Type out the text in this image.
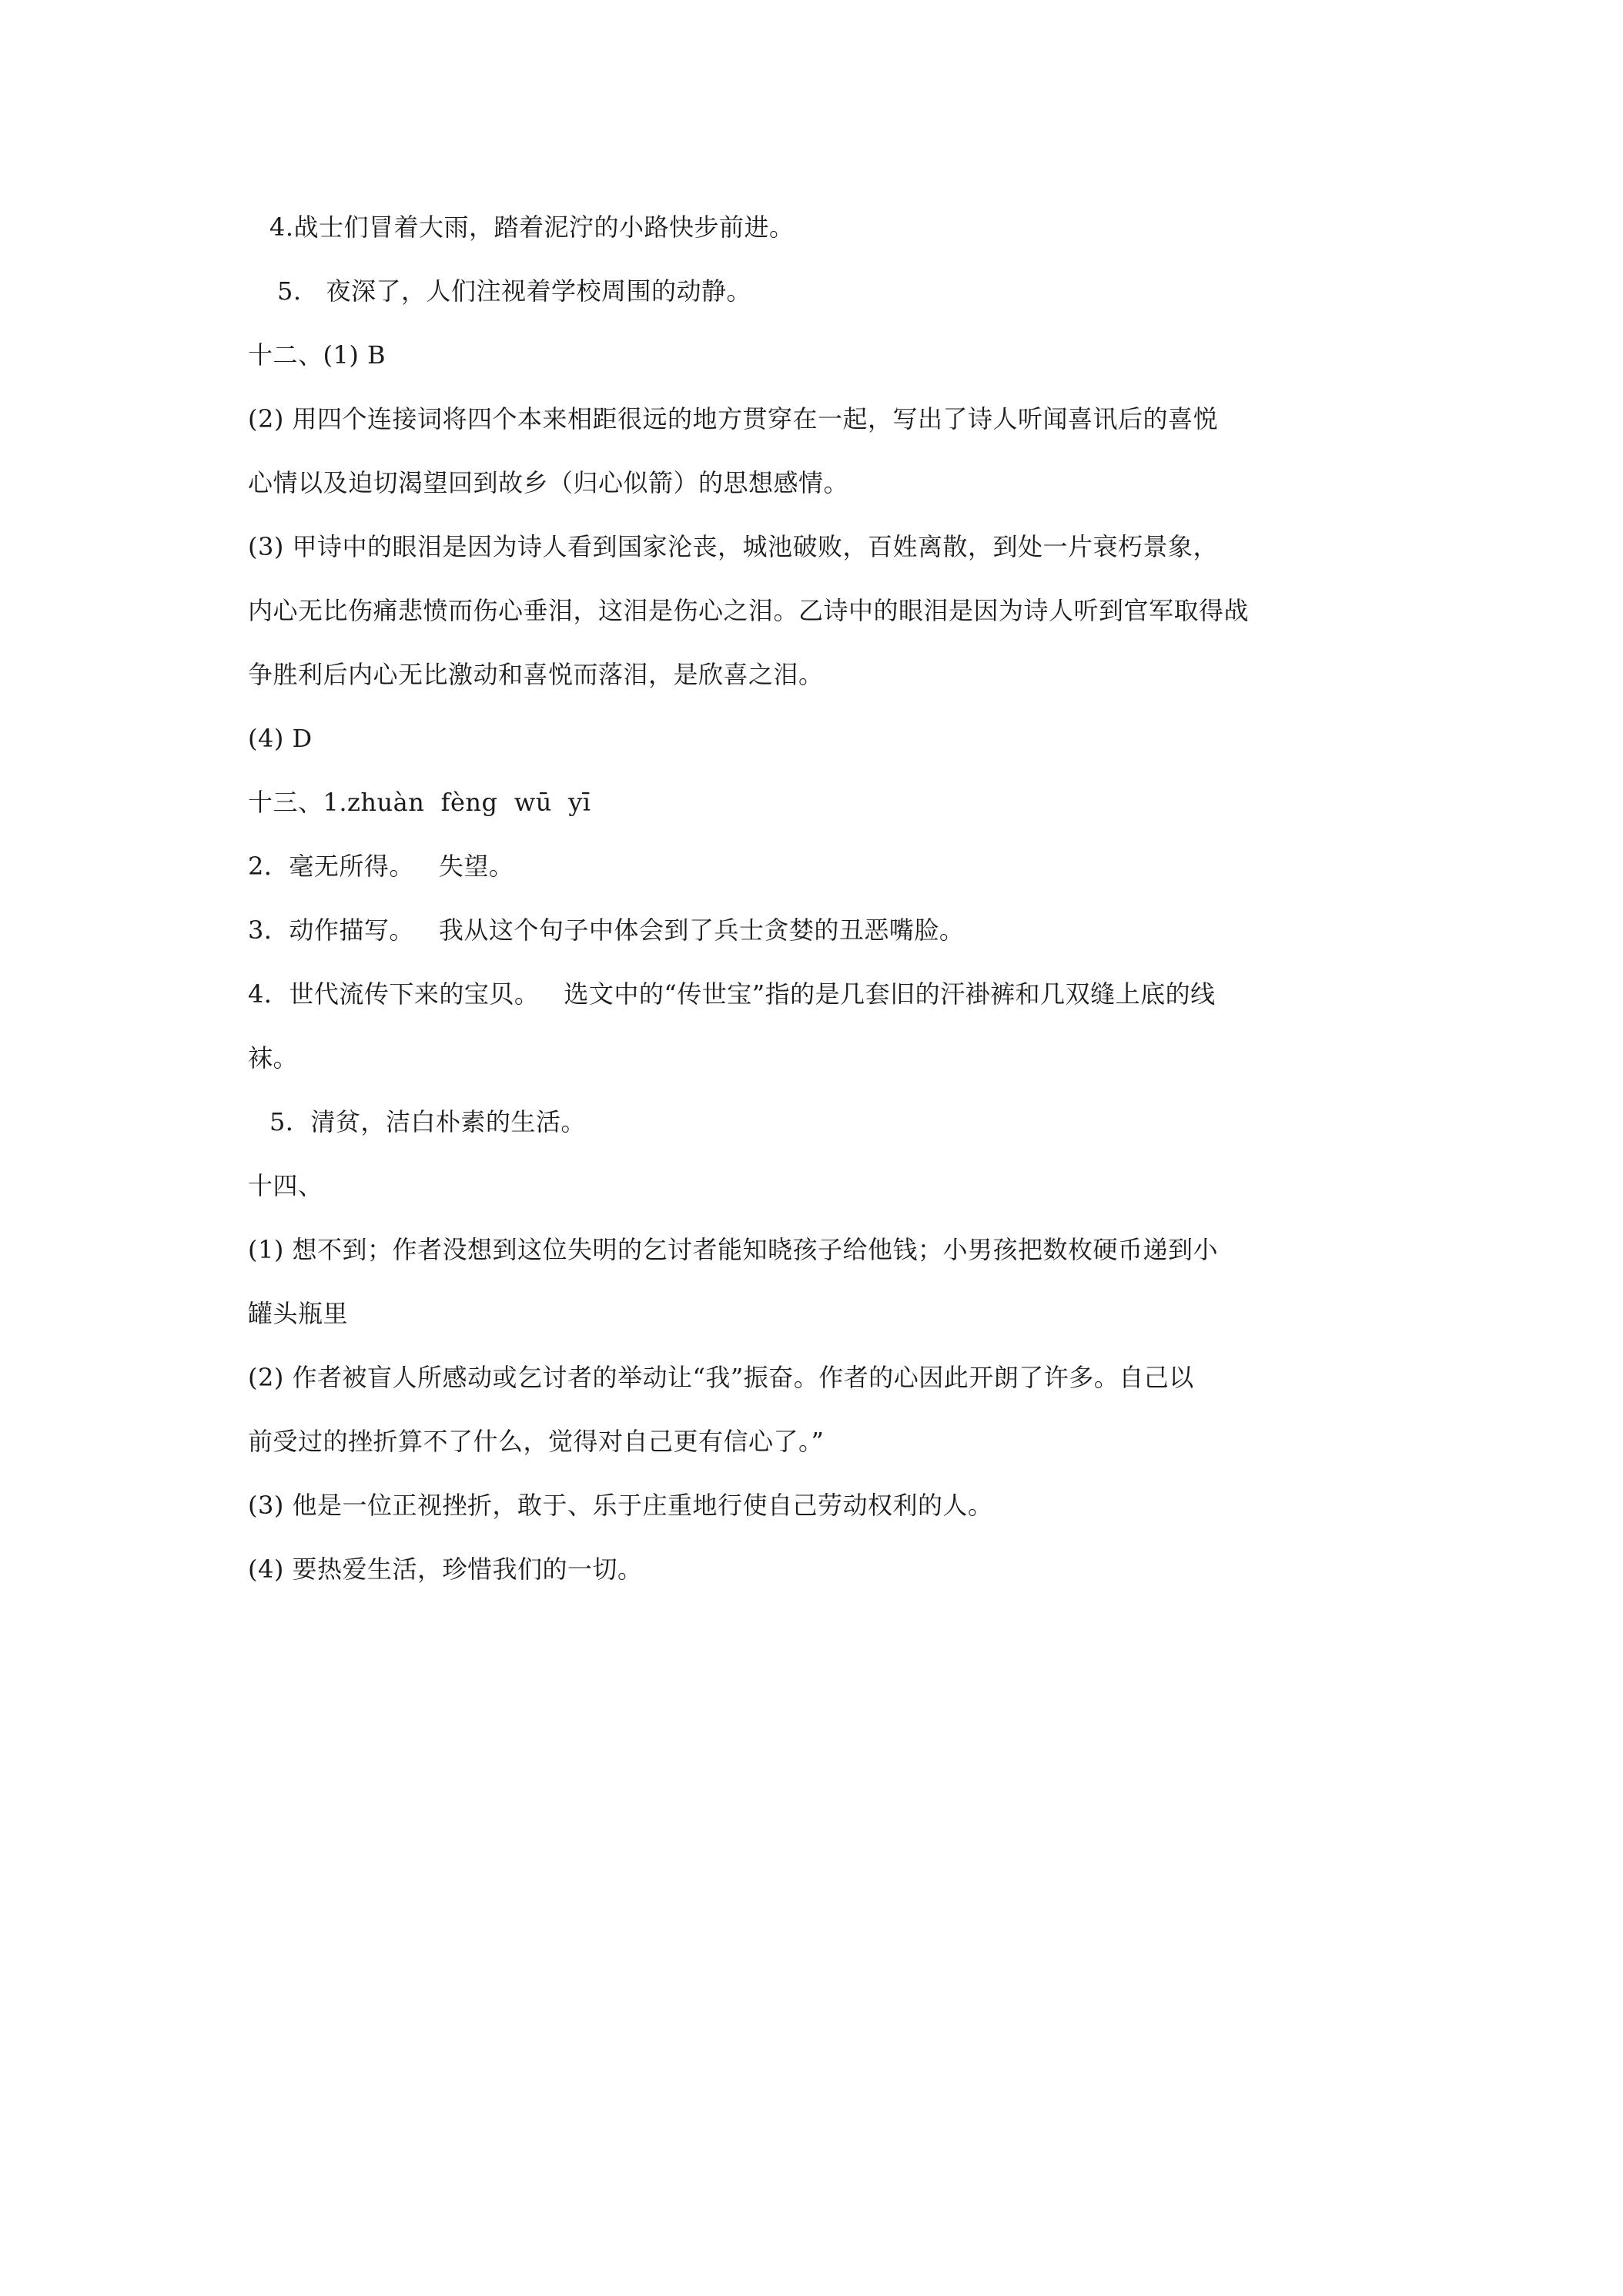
4.战士们冒着大雨，踏着泥泞的小路快步前进。
5.   夜深了，人们注视着学校周围的动静。
十二、(1) B
(2) 用四个连接词将四个本来相距很远的地方贯穿在一起，写出了诗人听闻喜讯后的喜悦
心情以及迫切渴望回到故乡（归心似箭）的思想感情。
(3) 甲诗中的眼泪是因为诗人看到国家沦丧，城池破败，百姓离散，到处一片衰朽景象，
内心无比伤痛悲愤而伤心垂泪，这泪是伤心之泪。乙诗中的眼泪是因为诗人听到官军取得战
争胜利后内心无比激动和喜悦而落泪，是欣喜之泪。
(4) D
十三、1.zhuàn  fèng  wū  yī
2．毫无所得。   失望。
3．动作描写。   我从这个句子中体会到了兵士贪婪的丑恶嘴脸。
4．世代流传下来的宝贝。   选文中的“传世宝”指的是几套旧的汗褂裤和几双缝上底的线
袜。
5．清贫，洁白朴素的生活。
十四、
(1) 想不到；作者没想到这位失明的乞讨者能知晓孩子给他钱；小男孩把数枚硬币递到小
罐头瓶里
(2) 作者被盲人所感动或乞讨者的举动让“我”振奋。作者的心因此开朗了许多。自己以
前受过的挫折算不了什么，觉得对自己更有信心了。”
(3) 他是一位正视挫折，敢于、乐于庄重地行使自己劳动权利的人。
(4) 要热爱生活，珍惜我们的一切。
